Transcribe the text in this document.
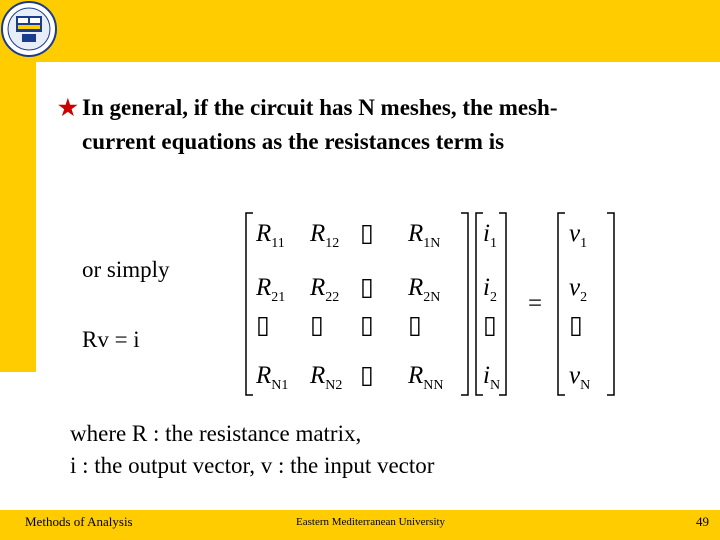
★ In general, if the circuit has N meshes, the mesh-
current equations as the resistances term is
or simply
Rv = i
$R_{11}$ $R_{12}$ ▯ $R_{1N}$
$R_{21}$ $R_{22}$ ▯ $R_{2N}$
▯ ▯ ▯ ▯
$R_{N1}$ $R_{N2}$ ▯ $R_{NN}$
$i_1$
$i_2$
▯
$i_N$
=
$v_1$
$v_2$
▯
$v_N$
where R : the resistance matrix,
i : the output vector, v : the input vector
Methods of Analysis	Eastern Mediterranean University	49
